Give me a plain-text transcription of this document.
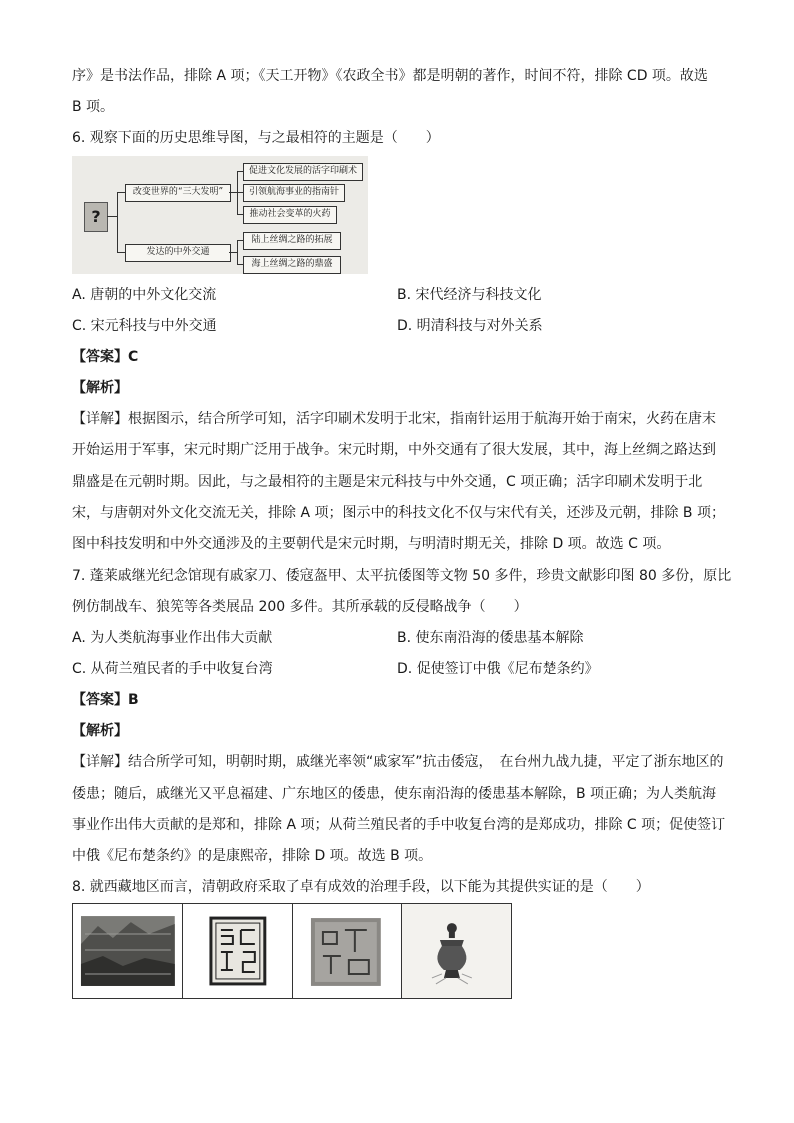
序》是书法作品，排除 A 项；《天工开物》《农政全书》都是明朝的著作，时间不符，排除 CD 项。故选
B 项。
6. 观察下面的历史思维导图，与之最相符的主题是（　　）
?
改变世界的“三大发明”
发达的中外交通
促进文化发展的活字印刷术
引领航海事业的指南针
推动社会变革的火药
陆上丝绸之路的拓展
海上丝绸之路的鼎盛
A. 唐朝的中外文化交流	B. 宋代经济与科技文化
C. 宋元科技与中外交通	D. 明清科技与对外关系
【答案】C
【解析】
【详解】根据图示，结合所学可知，活字印刷术发明于北宋，指南针运用于航海开始于南宋，火药在唐末
开始运用于军事，宋元时期广泛用于战争。宋元时期，中外交通有了很大发展，其中，海上丝绸之路达到
鼎盛是在元朝时期。因此，与之最相符的主题是宋元科技与中外交通，C 项正确；活字印刷术发明于北
宋，与唐朝对外文化交流无关，排除 A 项；图示中的科技文化不仅与宋代有关，还涉及元朝，排除 B 项；
图中科技发明和中外交通涉及的主要朝代是宋元时期，与明清时期无关，排除 D 项。故选 C 项。
7. 蓬莱戚继光纪念馆现有戚家刀、倭寇盔甲、太平抗倭图等文物 50 多件，珍贵文献影印图 80 多份，原比
例仿制战车、狼筅等各类展品 200 多件。其所承载的反侵略战争（　　）
A. 为人类航海事业作出伟大贡献	B. 使东南沿海的倭患基本解除
C. 从荷兰殖民者的手中收复台湾	D. 促使签订中俄《尼布楚条约》
【答案】B
【解析】
【详解】结合所学可知，明朝时期，戚继光率领“戚家军”抗击倭寇，　在台州九战九捷，平定了浙东地区的
倭患；随后，戚继光又平息福建、广东地区的倭患，使东南沿海的倭患基本解除，B 项正确；为人类航海
事业作出伟大贡献的是郑和，排除 A 项；从荷兰殖民者的手中收复台湾的是郑成功，排除 C 项；促使签订
中俄《尼布楚条约》的是康熙帝，排除 D 项。故选 B 项。
8. 就西藏地区而言，清朝政府采取了卓有成效的治理手段，以下能为其提供实证的是（　　）
